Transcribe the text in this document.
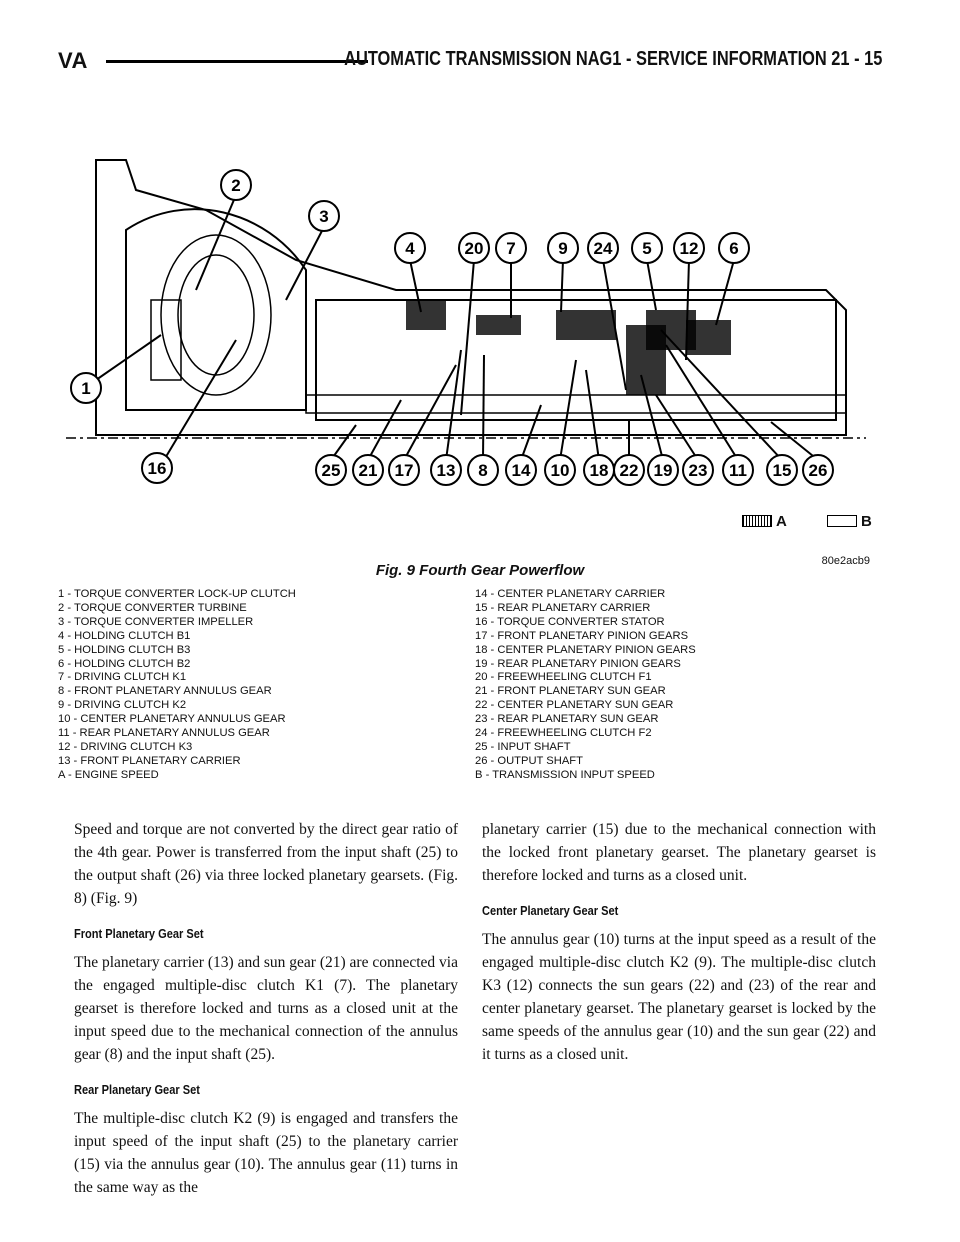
VA	AUTOMATIC TRANSMISSION NAG1 - SERVICE INFORMATION 21 - 15
2
3
4	20 7	9 24 5 12 6
1
16	25 21 17 13 8 14 10 18 22 19 23 11 15 26
A	B
80e2acb9
Fig. 9 Fourth Gear Powerflow
1 - TORQUE CONVERTER LOCK-UP CLUTCH
2 - TORQUE CONVERTER TURBINE
3 - TORQUE CONVERTER IMPELLER
4 - HOLDING CLUTCH B1
5 - HOLDING CLUTCH B3
6 - HOLDING CLUTCH B2
7 - DRIVING CLUTCH K1
8 - FRONT PLANETARY ANNULUS GEAR
9 - DRIVING CLUTCH K2
10 - CENTER PLANETARY ANNULUS GEAR
11 - REAR PLANETARY ANNULUS GEAR
12 - DRIVING CLUTCH K3
13 - FRONT PLANETARY CARRIER
A - ENGINE SPEED
14 - CENTER PLANETARY CARRIER
15 - REAR PLANETARY CARRIER
16 - TORQUE CONVERTER STATOR
17 - FRONT PLANETARY PINION GEARS
18 - CENTER PLANETARY PINION GEARS
19 - REAR PLANETARY PINION GEARS
20 - FREEWHEELING CLUTCH F1
21 - FRONT PLANETARY SUN GEAR
22 - CENTER PLANETARY SUN GEAR
23 - REAR PLANETARY SUN GEAR
24 - FREEWHEELING CLUTCH F2
25 - INPUT SHAFT
26 - OUTPUT SHAFT
B - TRANSMISSION INPUT SPEED

Speed and torque are not converted by the direct gear ratio of the 4th gear. Power is transferred from the input shaft (25) to the output shaft (26) via three locked planetary gearsets. (Fig. 8) (Fig. 9)

Front Planetary Gear Set

The planetary carrier (13) and sun gear (21) are connected via the engaged multiple-disc clutch K1 (7). The planetary gearset is therefore locked and turns as a closed unit at the input speed due to the mechanical connection of the annulus gear (8) and the input shaft (25).

Rear Planetary Gear Set

The multiple-disc clutch K2 (9) is engaged and transfers the input speed of the input shaft (25) to the planetary carrier (15) via the annulus gear (10). The annulus gear (11) turns in the same way as the

planetary carrier (15) due to the mechanical connection with the locked front planetary gearset. The planetary gearset is therefore locked and turns as a closed unit.

Center Planetary Gear Set

The annulus gear (10) turns at the input speed as a result of the engaged multiple-disc clutch K2 (9). The multiple-disc clutch K3 (12) connects the sun gears (22) and (23) of the rear and center planetary gearset. The planetary gearset is locked by the same speeds of the annulus gear (10) and the sun gear (22) and it turns as a closed unit.
